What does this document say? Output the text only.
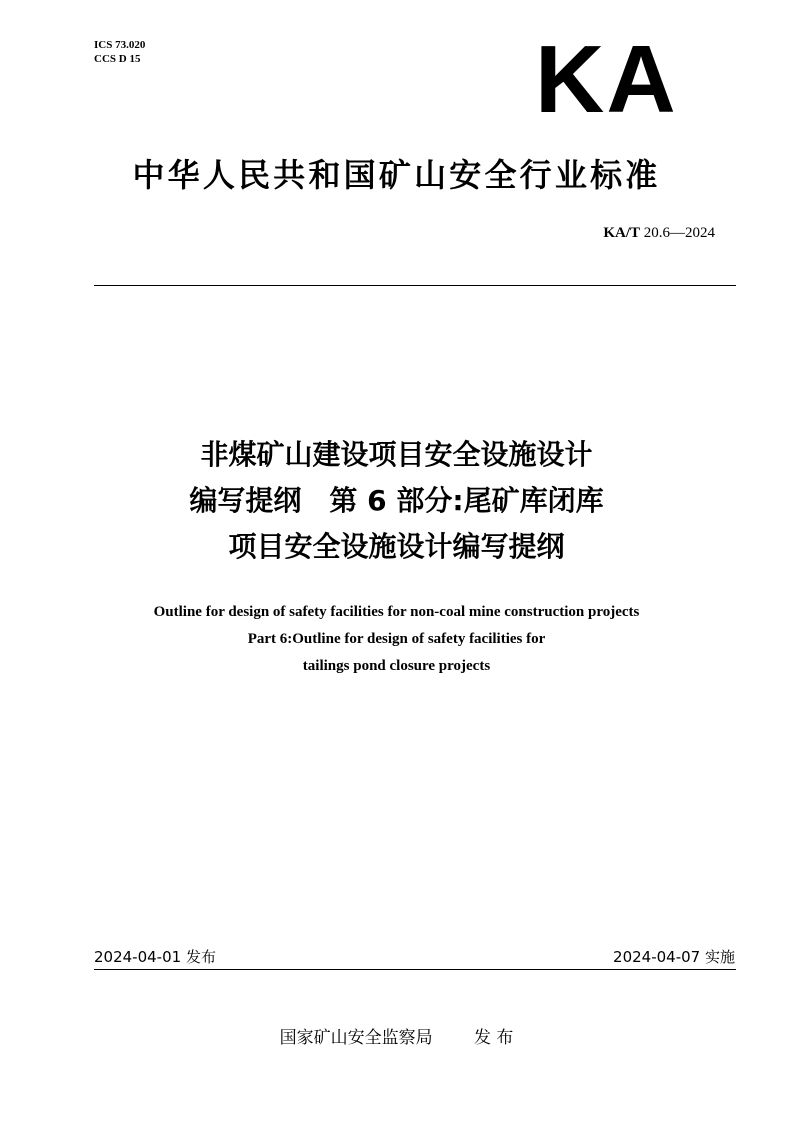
ICS 73.020
CCS D 15	KA
中华人民共和国矿山安全行业标准
KA/T 20.6—2024
非煤矿山建设项目安全设施设计
编写提纲　第 6 部分:尾矿库闭库
项目安全设施设计编写提纲
Outline for design of safety facilities for non-coal mine construction projects
Part 6:Outline for design of safety facilities for
tailings pond closure projects
2024-04-01 发布	2024-04-07 实施
国家矿山安全监察局 发 布
